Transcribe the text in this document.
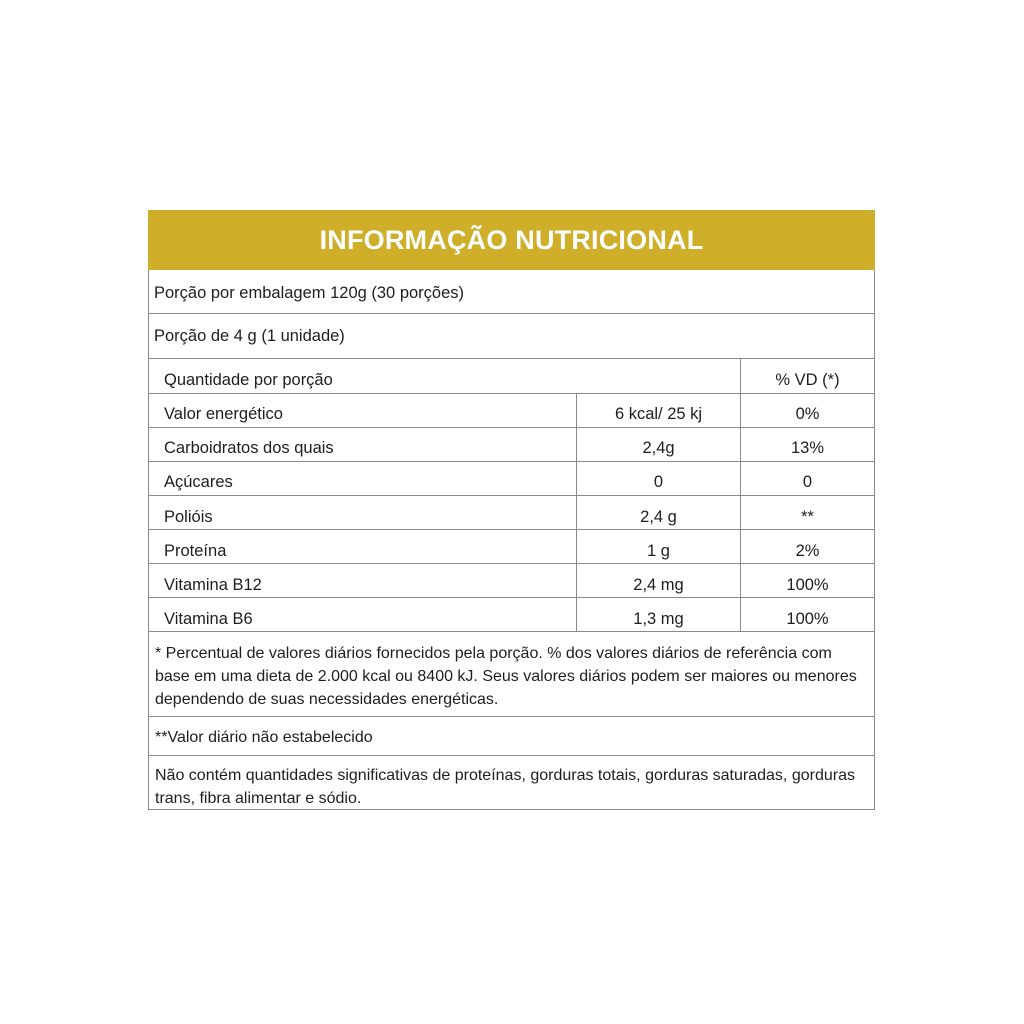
INFORMAÇÃO NUTRICIONAL
Porção por embalagem 120g (30 porções)
Porção de 4 g (1 unidade)
Quantidade por porção	% VD (*)
Valor energético	6 kcal/ 25 kj	0%
Carboidratos dos quais	2,4g	13%
Açúcares	0	0
Polióis	2,4 g	**
Proteína	1 g	2%
Vitamina B12	2,4 mg	100%
Vitamina B6	1,3 mg	100%
* Percentual de valores diários fornecidos pela porção. % dos valores diários de referência com base em uma dieta de 2.000 kcal ou 8400 kJ. Seus valores diários podem ser maiores ou menores dependendo de suas necessidades energéticas.
**Valor diário não estabelecido
Não contém quantidades significativas de proteínas, gorduras totais, gorduras saturadas, gorduras trans, fibra alimentar e sódio.
